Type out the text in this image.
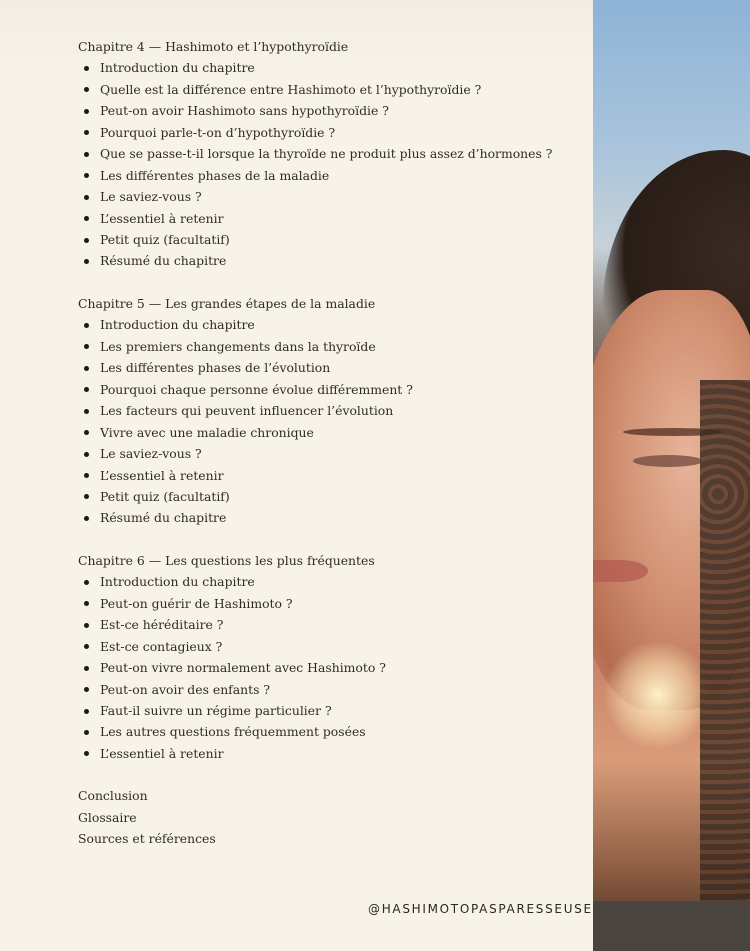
Chapitre 4 — Hashimoto et l’hypothyroïdie

Introduction du chapitre
Quelle est la différence entre Hashimoto et l’hypothyroïdie ?
Peut-on avoir Hashimoto sans hypothyroïdie ?
Pourquoi parle-t-on d’hypothyroïdie ?
Que se passe-t-il lorsque la thyroïde ne produit plus assez d’hormones ?
Les différentes phases de la maladie
Le saviez-vous ?
L’essentiel à retenir
Petit quiz (facultatif)
Résumé du chapitre

Chapitre 5 — Les grandes étapes de la maladie

Introduction du chapitre
Les premiers changements dans la thyroïde
Les différentes phases de l’évolution
Pourquoi chaque personne évolue différemment ?
Les facteurs qui peuvent influencer l’évolution
Vivre avec une maladie chronique
Le saviez-vous ?
L’essentiel à retenir
Petit quiz (facultatif)
Résumé du chapitre

Chapitre 6 — Les questions les plus fréquentes

Introduction du chapitre
Peut-on guérir de Hashimoto ?
Est-ce héréditaire ?
Est-ce contagieux ?
Peut-on vivre normalement avec Hashimoto ?
Peut-on avoir des enfants ?
Faut-il suivre un régime particulier ?
Les autres questions fréquemment posées
L’essentiel à retenir

Conclusion

Glossaire

Sources et références

@HASHIMOTOPASPARESSEUSE
